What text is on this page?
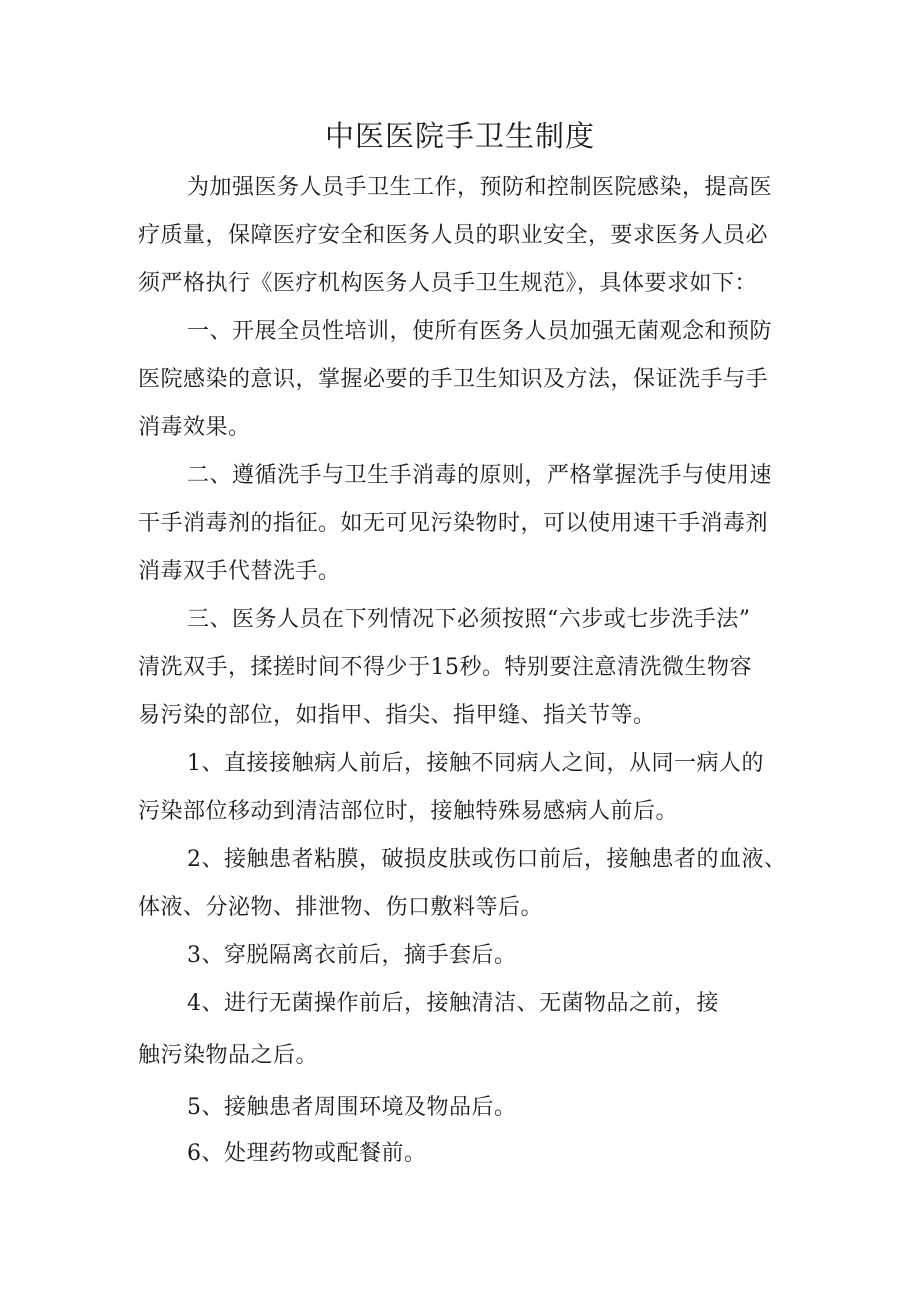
中医医院手卫生制度
为加强医务人员手卫生工作，预防和控制医院感染，提高医
疗质量，保障医疗安全和医务人员的职业安全，要求医务人员必
须严格执行《医疗机构医务人员手卫生规范》，具体要求如下：
一、开展全员性培训，使所有医务人员加强无菌观念和预防
医院感染的意识，掌握必要的手卫生知识及方法，保证洗手与手
消毒效果。
二、遵循洗手与卫生手消毒的原则，严格掌握洗手与使用速
干手消毒剂的指征。如无可见污染物时，可以使用速干手消毒剂
消毒双手代替洗手。
三、医务人员在下列情况下必须按照“六步或七步洗手法”
清洗双手，揉搓时间不得少于15秒。特别要注意清洗微生物容
易污染的部位，如指甲、指尖、指甲缝、指关节等。
1、直接接触病人前后，接触不同病人之间，从同一病人的
污染部位移动到清洁部位时，接触特殊易感病人前后。
2、接触患者粘膜，破损皮肤或伤口前后，接触患者的血液、
体液、分泌物、排泄物、伤口敷料等后。
3、穿脱隔离衣前后，摘手套后。
4、进行无菌操作前后，接触清洁、无菌物品之前，接
触污染物品之后。
5、接触患者周围环境及物品后。
6、处理药物或配餐前。
